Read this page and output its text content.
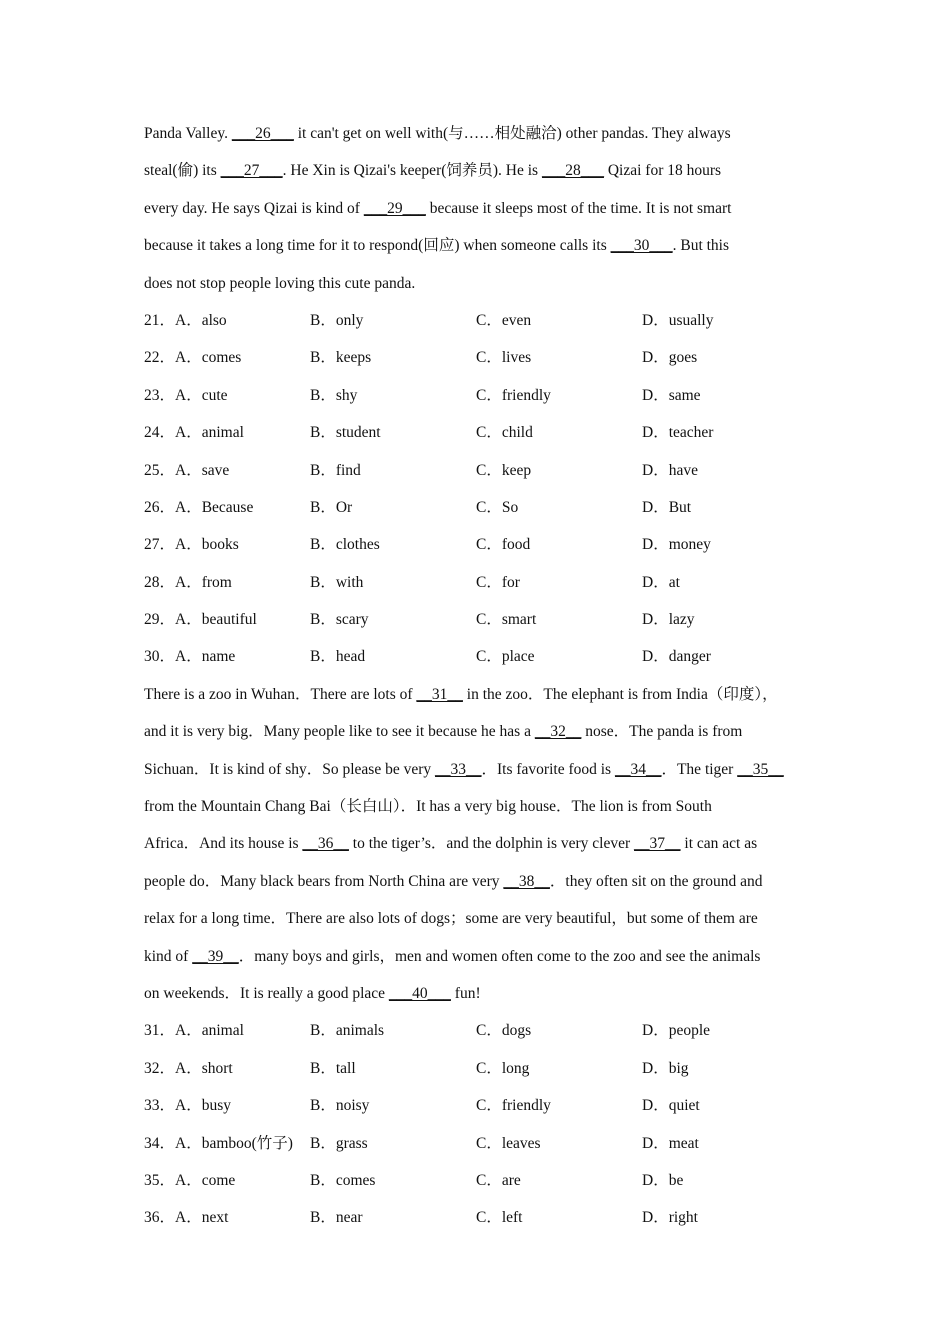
Panda Valley. ___26___ it can't get on well with(与……相处融洽) other pandas. They always
steal(偷) its ___27___. He Xin is Qizai's keeper(饲养员). He is ___28___ Qizai for 18 hours
every day. He says Qizai is kind of ___29___ because it sleeps most of the time. It is not smart
because it takes a long time for it to respond(回应) when someone calls its ___30___. But this
does not stop people loving this cute panda.
21．A．also	B．only	C．even	D．usually
22．A．comes	B．keeps	C．lives	D．goes
23．A．cute	B．shy	C．friendly	D．same
24．A．animal	B．student	C．child	D．teacher
25．A．save	B．find	C．keep	D．have
26．A．Because	B．Or	C．So	D．But
27．A．books	B．clothes	C．food	D．money
28．A．from	B．with	C．for	D．at
29．A．beautiful	B．scary	C．smart	D．lazy
30．A．name	B．head	C．place	D．danger
There is a zoo in Wuhan．There are lots of __31__ in the zoo．The elephant is from India（印度），
and it is very big．Many people like to see it because he has a __32__ nose．The panda is from
Sichuan．It is kind of shy．So please be very __33__．Its favorite food is __34__．The tiger __35__
from the Mountain Chang Bai（长白山）．It has a very big house．The lion is from South
Africa．And its house is __36__ to the tiger’s．and the dolphin is very clever __37__ it can act as
people do．Many black bears from North China are very __38__．they often sit on the ground and
relax for a long time．There are also lots of dogs；some are very beautiful，but some of them are
kind of __39__．many boys and girls，men and women often come to the zoo and see the animals
on weekends．It is really a good place ___40___ fun!
31．A．animal	B．animals	C．dogs	D．people
32．A．short	B．tall	C．long	D．big
33．A．busy	B．noisy	C．friendly	D．quiet
34．A．bamboo(竹子)	B．grass	C．leaves	D．meat
35．A．come	B．comes	C．are	D．be
36．A．next	B．near	C．left	D．right
